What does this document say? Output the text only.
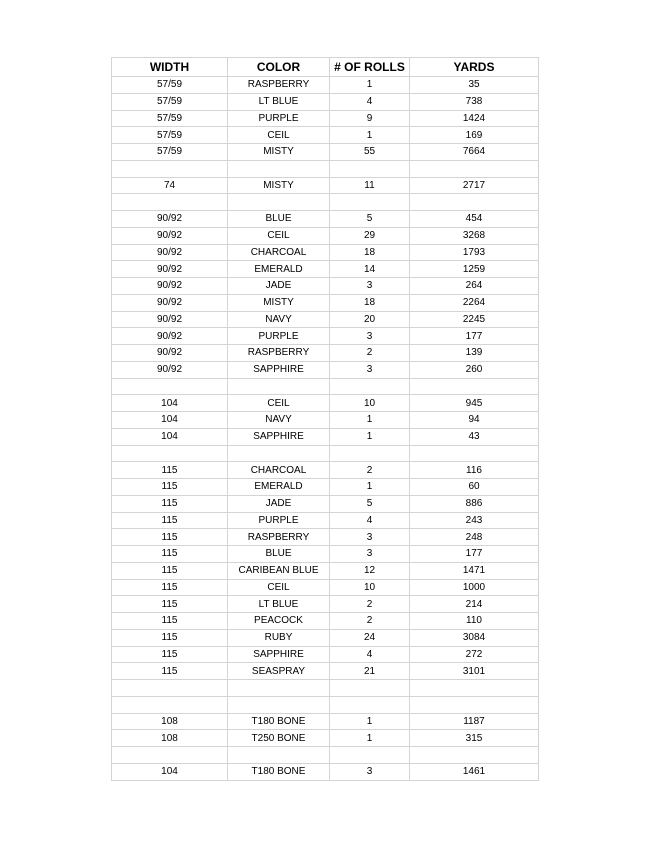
WIDTH	COLOR	# OF ROLLS	YARDS
57/59	RASPBERRY	1	35
57/59	LT BLUE	4	738
57/59	PURPLE	9	1424
57/59	CEIL	1	169
57/59	MISTY	55	7664

74	MISTY	11	2717

90/92	BLUE	5	454
90/92	CEIL	29	3268
90/92	CHARCOAL	18	1793
90/92	EMERALD	14	1259
90/92	JADE	3	264
90/92	MISTY	18	2264
90/92	NAVY	20	2245
90/92	PURPLE	3	177
90/92	RASPBERRY	2	139
90/92	SAPPHIRE	3	260

104	CEIL	10	945
104	NAVY	1	94
104	SAPPHIRE	1	43

115	CHARCOAL	2	116
115	EMERALD	1	60
115	JADE	5	886
115	PURPLE	4	243
115	RASPBERRY	3	248
115	BLUE	3	177
115	CARIBEAN BLUE	12	1471
115	CEIL	10	1000
115	LT BLUE	2	214
115	PEACOCK	2	110
115	RUBY	24	3084
115	SAPPHIRE	4	272
115	SEASPRAY	21	3101

108	T180 BONE	1	1187
108	T250 BONE	1	315

104	T180 BONE	3	1461
